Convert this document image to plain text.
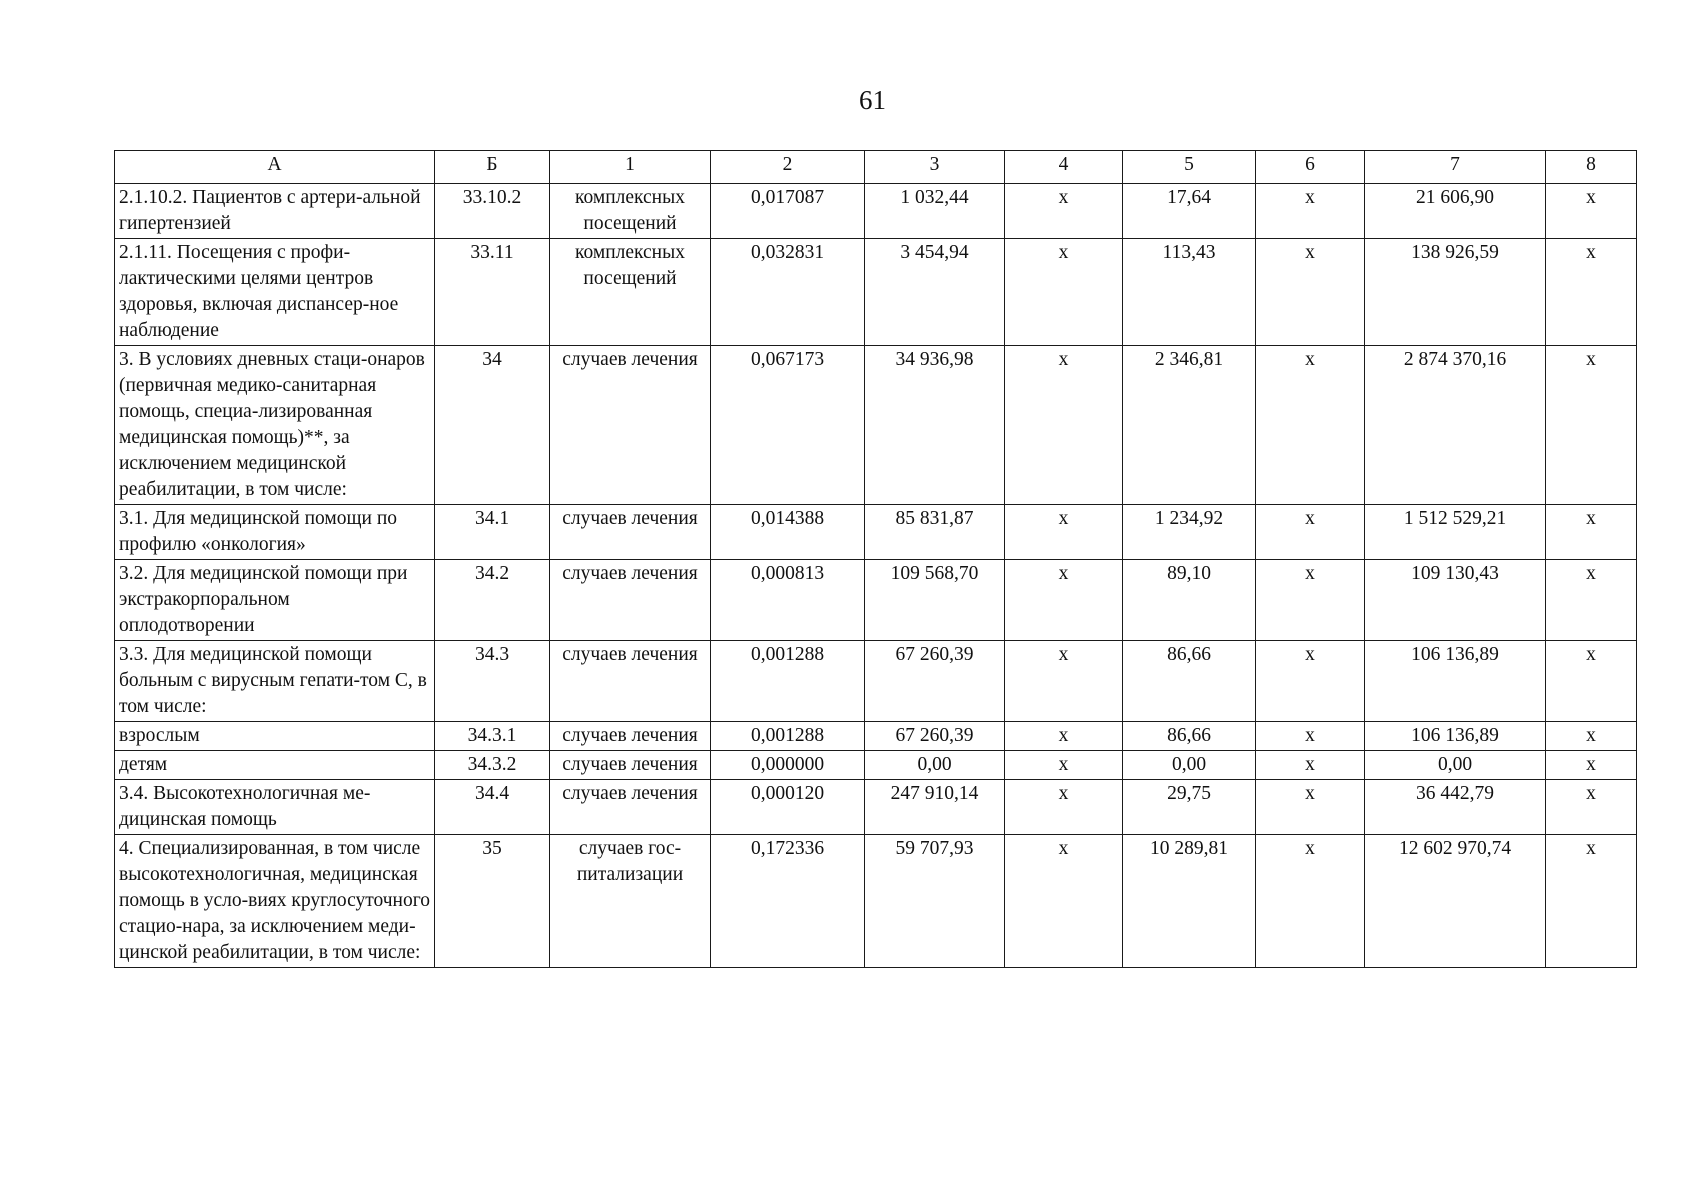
61
А	Б	1	2	3	4	5	6	7	8
2.1.10.2. Пациентов с артери-альной гипертензией	33.10.2	комплексных посещений	0,017087	1 032,44	х	17,64	х	21 606,90	х
2.1.11. Посещения с профи-лактическими целями центров здоровья, включая диспансер-ное наблюдение	33.11	комплексных посещений	0,032831	3 454,94	х	113,43	х	138 926,59	х
3. В условиях дневных стаци-онаров (первичная медико-санитарная помощь, специа-лизированная медицинская помощь)**, за исключением медицинской реабилитации, в том числе:	34	случаев лечения	0,067173	34 936,98	х	2 346,81	х	2 874 370,16	х
3.1. Для медицинской помощи по профилю «онкология»	34.1	случаев лечения	0,014388	85 831,87	х	1 234,92	х	1 512 529,21	х
3.2. Для медицинской помощи при экстракорпоральном оплодотворении	34.2	случаев лечения	0,000813	109 568,70	х	89,10	х	109 130,43	х
3.3. Для медицинской помощи больным с вирусным гепати-том С, в том числе:	34.3	случаев лечения	0,001288	67 260,39	х	86,66	х	106 136,89	х
взрослым	34.3.1	случаев лечения	0,001288	67 260,39	х	86,66	х	106 136,89	х
детям	34.3.2	случаев лечения	0,000000	0,00	х	0,00	х	0,00	х
3.4. Высокотехнологичная ме-дицинская помощь	34.4	случаев лечения	0,000120	247 910,14	х	29,75	х	36 442,79	х
4. Специализированная, в том числе высокотехнологичная, медицинская помощь в усло-виях круглосуточного стацио-нара, за исключением меди-цинской реабилитации, в том числе:	35	случаев гос-питализации	0,172336	59 707,93	х	10 289,81	х	12 602 970,74	х
